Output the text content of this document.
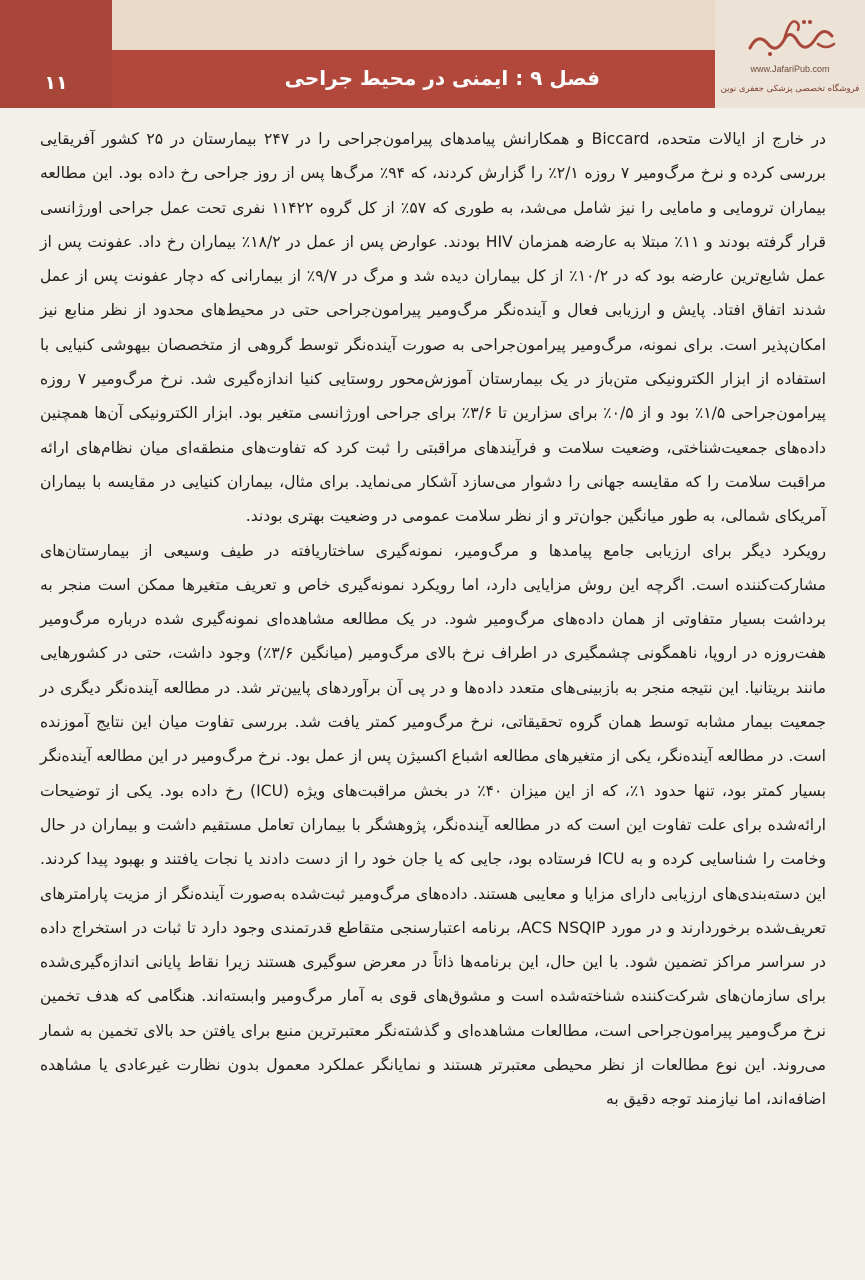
۱۱	فصل ۹ : ایمنی در محیط جراحی	www.JafariPub.com
فروشگاه تخصصی پزشکی جعفری نوین

در خارج از ایالات متحده، Biccard و همکارانش پیامدهای پیرامون‌جراحی را در ۲۴۷ بیمارستان در ۲۵ کشور آفریقایی بررسی کرده و نرخ مرگ‌ومیر ۷ روزه ۲/۱٪ را گزارش کردند، که ۹۴٪ مرگ‌ها پس از روز جراحی رخ داده بود. این مطالعه بیماران ترومایی و مامایی را نیز شامل می‌شد، به طوری که ۵۷٪ از کل گروه ۱۱۴۲۲ نفری تحت عمل جراحی اورژانسی قرار گرفته بودند و ۱۱٪ مبتلا به عارضه همزمان HIV بودند. عوارض پس از عمل در ۱۸/۲٪ بیماران رخ داد. عفونت پس از عمل شایع‌ترین عارضه بود که در ۱۰/۲٪ از کل بیماران دیده شد و مرگ در ۹/۷٪ از بیمارانی که دچار عفونت پس از عمل شدند اتفاق افتاد. پایش و ارزیابی فعال و آینده‌نگر مرگ‌ومیر پیرامون‌جراحی حتی در محیط‌های محدود از نظر منابع نیز امکان‌پذیر است. برای نمونه، مرگ‌ومیر پیرامون‌جراحی به صورت آینده‌نگر توسط گروهی از متخصصان بیهوشی کنیایی با استفاده از ابزار الکترونیکی متن‌باز در یک بیمارستان آموزش‌محور روستایی کنیا اندازه‌گیری شد. نرخ مرگ‌ومیر ۷ روزه پیرامون‌جراحی ۱/۵٪ بود و از ۰/۵٪ برای سزارین تا ۳/۶٪ برای جراحی اورژانسی متغیر بود. ابزار الکترونیکی آن‌ها همچنین داده‌های جمعیت‌شناختی، وضعیت سلامت و فرآیندهای مراقبتی را ثبت کرد که تفاوت‌های منطقه‌ای میان نظام‌های ارائه مراقبت سلامت را که مقایسه جهانی را دشوار می‌سازد آشکار می‌نماید. برای مثال، بیماران کنیایی در مقایسه با بیماران آمریکای شمالی، به طور میانگین جوان‌تر و از نظر سلامت عمومی در وضعیت بهتری بودند.

رویکرد دیگر برای ارزیابی جامع پیامدها و مرگ‌ومیر، نمونه‌گیری ساختاریافته در طیف وسیعی از بیمارستان‌های مشارکت‌کننده است. اگرچه این روش مزایایی دارد، اما رویکرد نمونه‌گیری خاص و تعریف متغیرها ممکن است منجر به برداشت بسیار متفاوتی از همان داده‌های مرگ‌ومیر شود. در یک مطالعه مشاهده‌ای نمونه‌گیری شده درباره مرگ‌ومیر هفت‌روزه در اروپا، ناهمگونی چشمگیری در اطراف نرخ بالای مرگ‌ومیر (میانگین ۳/۶٪) وجود داشت، حتی در کشورهایی مانند بریتانیا. این نتیجه منجر به بازبینی‌های متعدد داده‌ها و در پی آن برآوردهای پایین‌تر شد. در مطالعه آینده‌نگر دیگری در جمعیت بیمار مشابه توسط همان گروه تحقیقاتی، نرخ مرگ‌ومیر کمتر یافت شد. بررسی تفاوت میان این نتایج آموزنده است. در مطالعه آینده‌نگر، یکی از متغیرهای مطالعه اشباع اکسیژن پس از عمل بود. نرخ مرگ‌ومیر در این مطالعه آینده‌نگر بسیار کمتر بود، تنها حدود ۱٪، که از این میزان ۴۰٪ در بخش مراقبت‌های ویژه (ICU) رخ داده بود. یکی از توضیحات ارائه‌شده برای علت تفاوت این است که در مطالعه آینده‌نگر، پژوهشگر با بیماران تعامل مستقیم داشت و بیماران در حال وخامت را شناسایی کرده و به ICU فرستاده بود، جایی که یا جان خود را از دست دادند یا نجات یافتند و بهبود پیدا کردند. این دسته‌بندی‌های ارزیابی دارای مزایا و معایبی هستند. داده‌های مرگ‌ومیر ثبت‌شده به‌صورت آینده‌نگر از مزیت پارامترهای تعریف‌شده برخوردارند و در مورد ACS NSQIP، برنامه اعتبارسنجی متقاطع قدرتمندی وجود دارد تا ثبات در استخراج داده در سراسر مراکز تضمین شود. با این حال، این برنامه‌ها ذاتاً در معرض سوگیری هستند زیرا نقاط پایانی اندازه‌گیری‌شده برای سازمان‌های شرکت‌کننده شناخته‌شده است و مشوق‌های قوی به آمار مرگ‌ومیر وابسته‌اند. هنگامی که هدف تخمین نرخ مرگ‌ومیر پیرامون‌جراحی است، مطالعات مشاهده‌ای و گذشته‌نگر معتبرترین منبع برای یافتن حد بالای تخمین به شمار می‌روند. این نوع مطالعات از نظر محیطی معتبرتر هستند و نمایانگر عملکرد معمول بدون نظارت غیرعادی یا مشاهده اضافه‌اند، اما نیازمند توجه دقیق به
